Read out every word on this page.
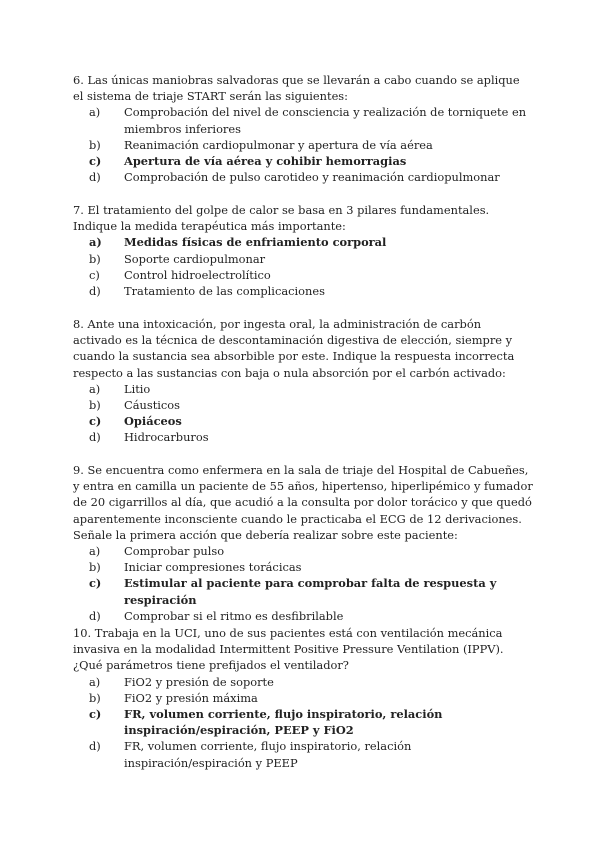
6. Las únicas maniobras salvadoras que se llevarán a cabo cuando se aplique el sistema de triaje START serán las siguientes:

a)	Comprobación del nivel de consciencia y realización de torniquete en miembros inferiores
b)	Reanimación cardiopulmonar y apertura de vía aérea
c)	Apertura de vía aérea y cohibir hemorragias
d)	Comprobación de pulso carotideo y reanimación cardiopulmonar

7. El tratamiento del golpe de calor se basa en 3 pilares fundamentales. Indique la medida terapéutica más importante:

a)	Medidas físicas de enfriamiento corporal
b)	Soporte cardiopulmonar
c)	Control hidroelectrolítico
d)	Tratamiento de las complicaciones

8. Ante una intoxicación, por ingesta oral, la administración de carbón activado es la técnica de descontaminación digestiva de elección, siempre y cuando la sustancia sea absorbible por este. Indique la respuesta incorrecta respecto a las sustancias con baja o nula absorción por el carbón activado:

a)	Litio
b)	Cáusticos
c)	Opiáceos
d)	Hidrocarburos

9. Se encuentra como enfermera en la sala de triaje del Hospital de Cabueñes, y entra en camilla un paciente de 55 años, hipertenso, hiperlipémico y fumador de 20 cigarrillos al día, que acudió a la consulta por dolor torácico y que quedó aparentemente inconsciente cuando le practicaba el ECG de 12 derivaciones. Señale la primera acción que debería realizar sobre este paciente:

a)	Comprobar pulso
b)	Iniciar compresiones torácicas
c)	Estimular al paciente para comprobar falta de respuesta y respiración
d)	Comprobar si el ritmo es desfibrilable

10. Trabaja en la UCI, uno de sus pacientes está con ventilación mecánica invasiva en la modalidad Intermittent Positive Pressure Ventilation (IPPV). ¿Qué parámetros tiene prefijados el ventilador?

a)	FiO2 y presión de soporte
b)	FiO2 y presión máxima
c)	FR, volumen corriente, flujo inspiratorio, relación inspiración/espiración, PEEP y FiO2
d)	FR, volumen corriente, flujo inspiratorio, relación inspiración/espiración y PEEP
